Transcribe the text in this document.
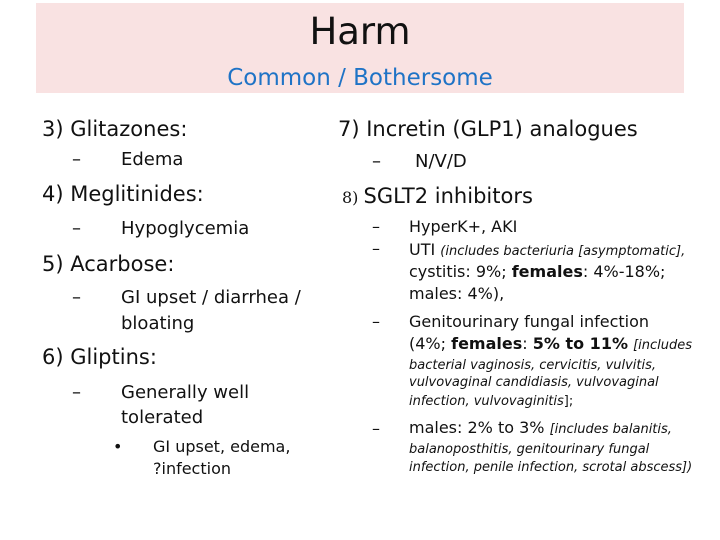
Harm
Common / Bothersome
3) Glitazones:
– Edema
4) Meglitinides:
– Hypoglycemia
5) Acarbose:
– GI upset / diarrhea /
bloating
6) Gliptins:
– Generally well
tolerated
• GI upset, edema,
?infection
7) Incretin (GLP1) analogues
– N/V/D
8) SGLT2 inhibitors
– HyperK+, AKI
– UTI (includes bacteriuria [asymptomatic],
cystitis: 9%; females: 4%-18%;
males: 4%),
– Genitourinary fungal infection
(4%; females: 5% to 11% [includes
bacterial vaginosis, cervicitis, vulvitis,
vulvovaginal candidiasis, vulvovaginal
infection, vulvovaginitis];
– males: 2% to 3% [includes balanitis,
balanoposthitis, genitourinary fungal
infection, penile infection, scrotal abscess])
